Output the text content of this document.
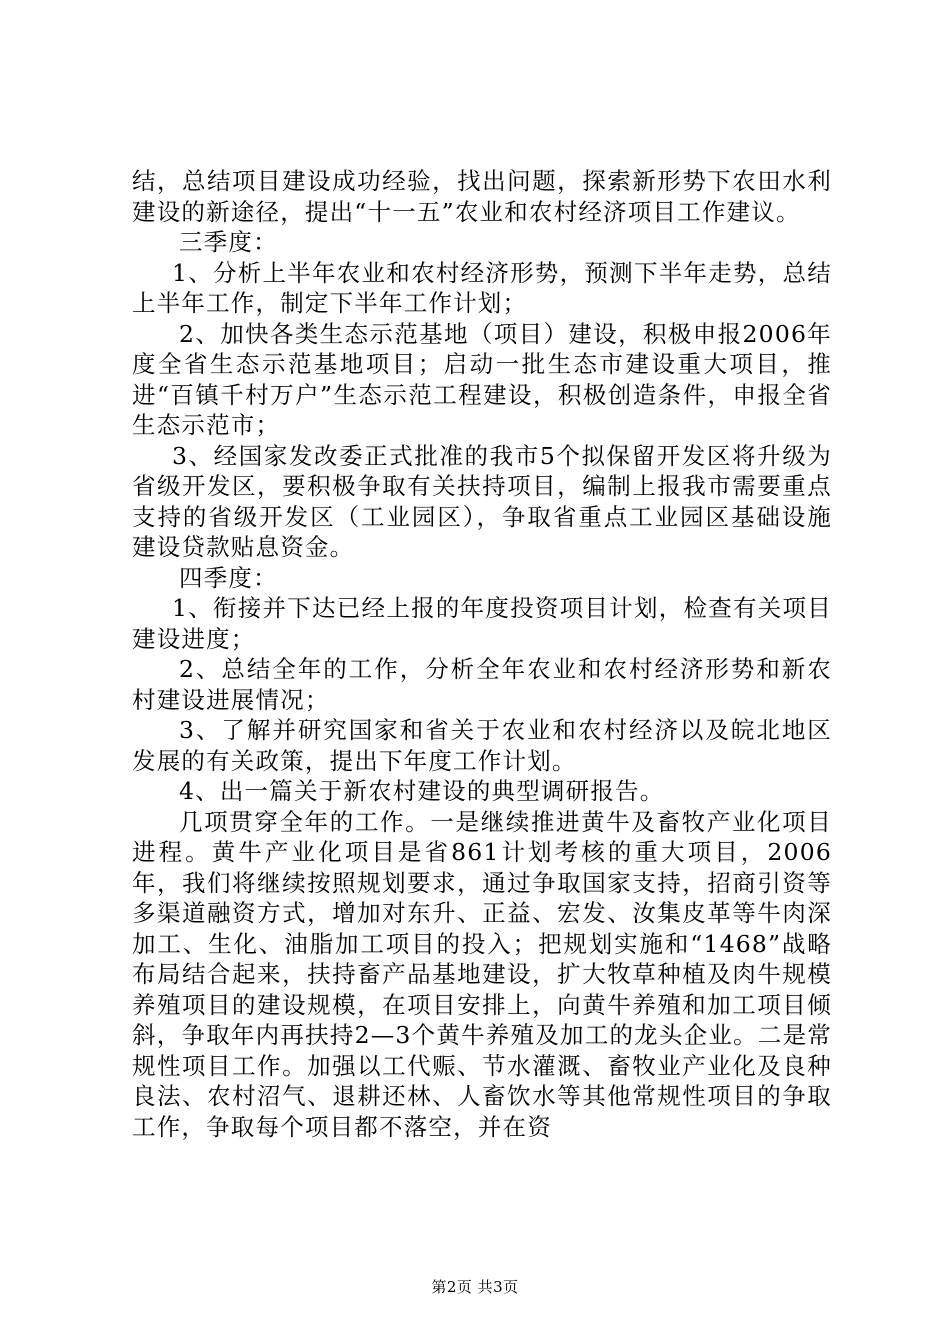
结，总结项目建设成功经验，找出问题，探索新形势下农田水利建设的新途径，提出“十一五”农业和农村经济项目工作建议。

三季度：

1、分析上半年农业和农村经济形势，预测下半年走势，总结上半年工作，制定下半年工作计划；

2、加快各类生态示范基地（项目）建设，积极申报2006年度全省生态示范基地项目；启动一批生态市建设重大项目，推进“百镇千村万户”生态示范工程建设，积极创造条件，申报全省生态示范市；

3、经国家发改委正式批准的我市5个拟保留开发区将升级为省级开发区，要积极争取有关扶持项目，编制上报我市需要重点支持的省级开发区（工业园区），争取省重点工业园区基础设施建设贷款贴息资金。

四季度：

1、衔接并下达已经上报的年度投资项目计划，检查有关项目建设进度；

2、总结全年的工作，分析全年农业和农村经济形势和新农村建设进展情况；

3、了解并研究国家和省关于农业和农村经济以及皖北地区发展的有关政策，提出下年度工作计划。

4、出一篇关于新农村建设的典型调研报告。

几项贯穿全年的工作。一是继续推进黄牛及畜牧产业化项目进程。黄牛产业化项目是省861计划考核的重大项目，2006年，我们将继续按照规划要求，通过争取国家支持，招商引资等多渠道融资方式，增加对东升、正益、宏发、汝集皮革等牛肉深加工、生化、油脂加工项目的投入；把规划实施和“1468”战略布局结合起来，扶持畜产品基地建设，扩大牧草种植及肉牛规模养殖项目的建设规模，在项目安排上，向黄牛养殖和加工项目倾斜，争取年内再扶持2—3个黄牛养殖及加工的龙头企业。二是常规性项目工作。加强以工代赈、节水灌溉、畜牧业产业化及良种良法、农村沼气、退耕还林、人畜饮水等其他常规性项目的争取工作，争取每个项目都不落空，并在资

第2页 共3页
